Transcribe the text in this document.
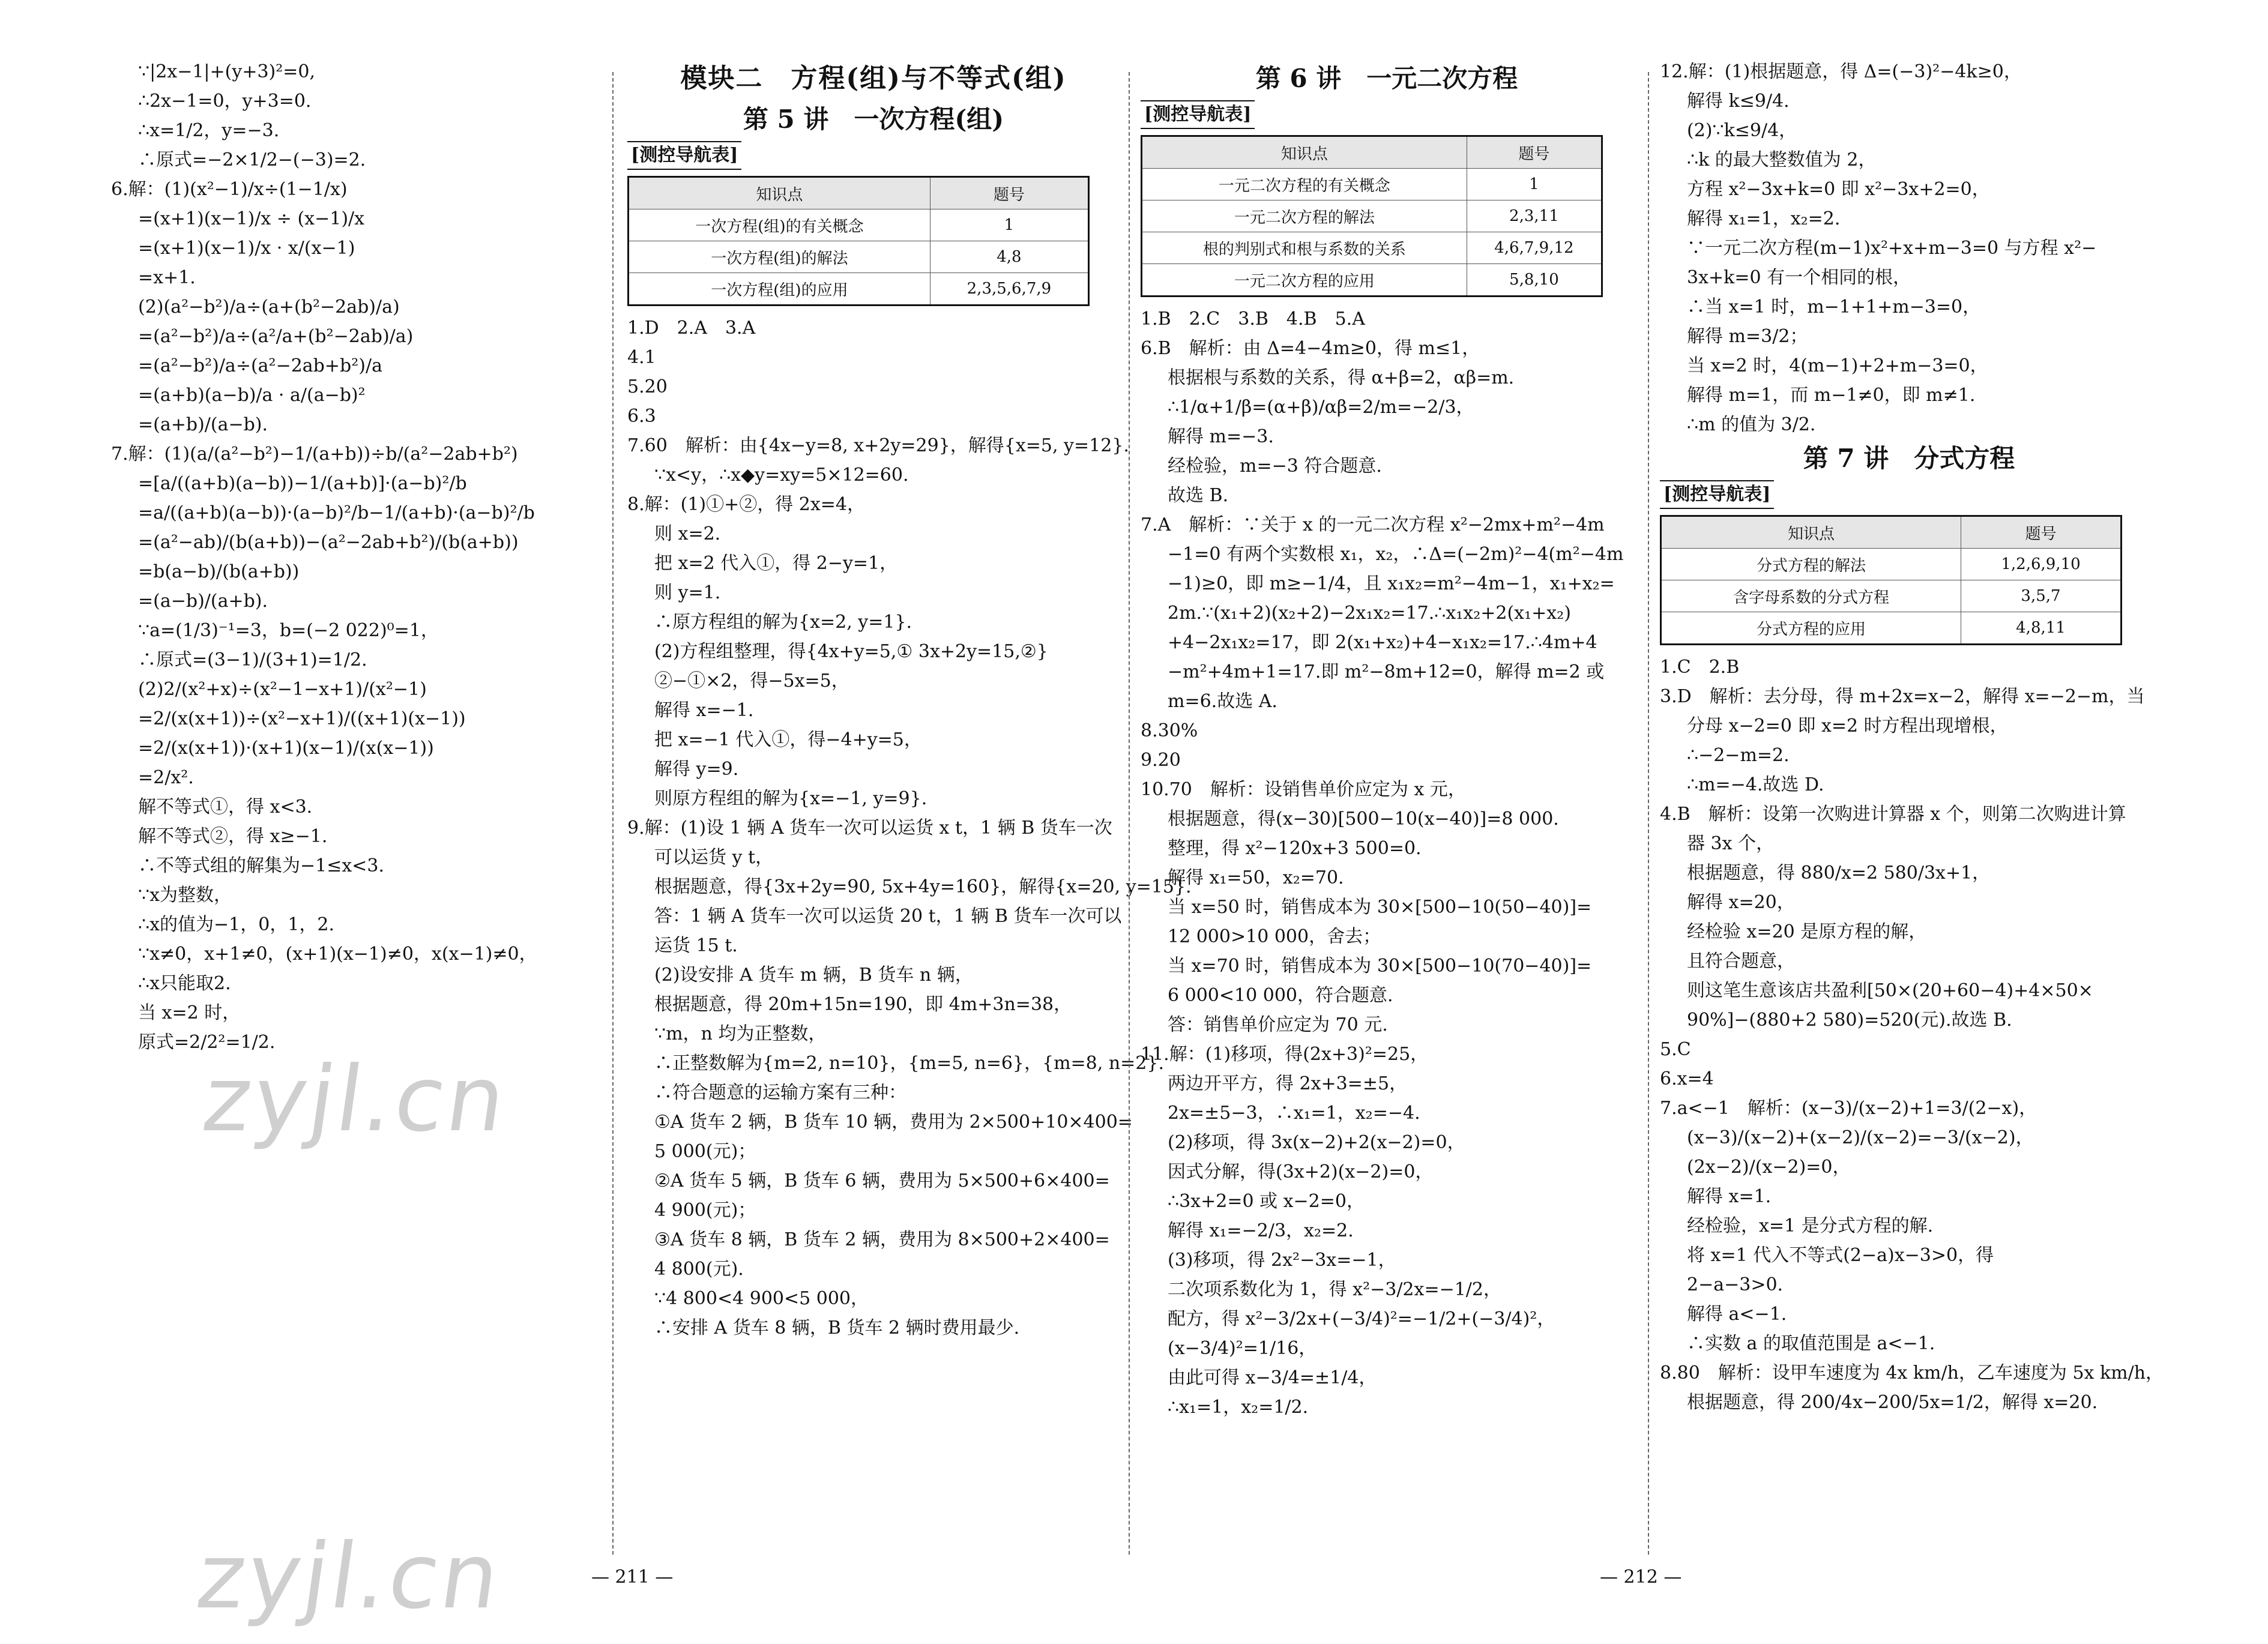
∵|2x−1|+(y+3)²=0,
∴2x−1=0，y+3=0.
∴x=1/2，y=−3.
∴原式=−2×1/2−(−3)=2.
6.解：(1)(x²−1)/x÷(1−1/x)
=(x+1)(x−1)/x ÷ (x−1)/x
=(x+1)(x−1)/x · x/(x−1)
=x+1.
(2)(a²−b²)/a÷(a+(b²−2ab)/a)
=(a²−b²)/a÷(a²/a+(b²−2ab)/a)
=(a²−b²)/a÷(a²−2ab+b²)/a
=(a+b)(a−b)/a · a/(a−b)²
=(a+b)/(a−b).
7.解：(1)(a/(a²−b²)−1/(a+b))÷b/(a²−2ab+b²)
=[a/((a+b)(a−b))−1/(a+b)]·(a−b)²/b
=a/((a+b)(a−b))·(a−b)²/b−1/(a+b)·(a−b)²/b
=(a²−ab)/(b(a+b))−(a²−2ab+b²)/(b(a+b))
=b(a−b)/(b(a+b))
=(a−b)/(a+b).
∵a=(1/3)⁻¹=3，b=(−2 022)⁰=1，
∴原式=(3−1)/(3+1)=1/2.
(2)2/(x²+x)÷(x²−1−x+1)/(x²−1)
=2/(x(x+1))÷(x²−x+1)/((x+1)(x−1))
=2/(x(x+1))·(x+1)(x−1)/(x(x−1))
=2/x².
解不等式①，得 x<3.
解不等式②，得 x≥−1.
∴不等式组的解集为−1≤x<3.
∵x为整数，
∴x的值为−1，0，1，2.
∵x≠0，x+1≠0，(x+1)(x−1)≠0，x(x−1)≠0，
∴x只能取2.
当 x=2 时，
原式=2/2²=1/2.
模块二　方程(组)与不等式(组)
第 5 讲　一次方程(组)
[测控导航表]
知识点	题号
一次方程(组)的有关概念	1
一次方程(组)的解法	4,8
一次方程(组)的应用	2,3,5,6,7,9
1.D　2.A　3.A
4.1
5.20
6.3
7.60　解析：由{4x−y=8, x+2y=29}，解得{x=5, y=12}.
∵x<y，∴x◆y=xy=5×12=60.
8.解：(1)①+②，得 2x=4，
则 x=2.
把 x=2 代入①，得 2−y=1，
则 y=1.
∴原方程组的解为{x=2, y=1}.
(2)方程组整理，得{4x+y=5,① 3x+2y=15,②}
②−①×2，得−5x=5，
解得 x=−1.
把 x=−1 代入①，得−4+y=5，
解得 y=9.
则原方程组的解为{x=−1, y=9}.
9.解：(1)设 1 辆 A 货车一次可以运货 x t，1 辆 B 货车一次
可以运货 y t，
根据题意，得{3x+2y=90, 5x+4y=160}，解得{x=20, y=15}.
答：1 辆 A 货车一次可以运货 20 t，1 辆 B 货车一次可以
运货 15 t.
(2)设安排 A 货车 m 辆，B 货车 n 辆，
根据题意，得 20m+15n=190，即 4m+3n=38，
∵m，n 均为正整数，
∴正整数解为{m=2, n=10}，{m=5, n=6}，{m=8, n=2}.
∴符合题意的运输方案有三种：
①A 货车 2 辆，B 货车 10 辆，费用为 2×500+10×400=
5 000(元)；
②A 货车 5 辆，B 货车 6 辆，费用为 5×500+6×400=
4 900(元)；
③A 货车 8 辆，B 货车 2 辆，费用为 8×500+2×400=
4 800(元).
∵4 800<4 900<5 000，
∴安排 A 货车 8 辆，B 货车 2 辆时费用最少.
第 6 讲　一元二次方程
[测控导航表]
知识点	题号
一元二次方程的有关概念	1
一元二次方程的解法	2,3,11
根的判别式和根与系数的关系	4,6,7,9,12
一元二次方程的应用	5,8,10
1.B　2.C　3.B　4.B　5.A
6.B　解析：由 Δ=4−4m≥0，得 m≤1，
根据根与系数的关系，得 α+β=2，αβ=m.
∴1/α+1/β=(α+β)/αβ=2/m=−2/3，
解得 m=−3.
经检验，m=−3 符合题意.
故选 B.
7.A　解析：∵关于 x 的一元二次方程 x²−2mx+m²−4m
−1=0 有两个实数根 x₁，x₂，∴Δ=(−2m)²−4(m²−4m
−1)≥0，即 m≥−1/4，且 x₁x₂=m²−4m−1，x₁+x₂=
2m.∵(x₁+2)(x₂+2)−2x₁x₂=17.∴x₁x₂+2(x₁+x₂)
+4−2x₁x₂=17，即 2(x₁+x₂)+4−x₁x₂=17.∴4m+4
−m²+4m+1=17.即 m²−8m+12=0，解得 m=2 或
m=6.故选 A.
8.30%
9.20
10.70　解析：设销售单价应定为 x 元，
根据题意，得(x−30)[500−10(x−40)]=8 000.
整理，得 x²−120x+3 500=0.
解得 x₁=50，x₂=70.
当 x=50 时，销售成本为 30×[500−10(50−40)]=
12 000>10 000，舍去；
当 x=70 时，销售成本为 30×[500−10(70−40)]=
6 000<10 000，符合题意.
答：销售单价应定为 70 元.
11.解：(1)移项，得(2x+3)²=25，
两边开平方，得 2x+3=±5，
2x=±5−3，∴x₁=1，x₂=−4.
(2)移项，得 3x(x−2)+2(x−2)=0，
因式分解，得(3x+2)(x−2)=0，
∴3x+2=0 或 x−2=0，
解得 x₁=−2/3，x₂=2.
(3)移项，得 2x²−3x=−1，
二次项系数化为 1，得 x²−3/2x=−1/2，
配方，得 x²−3/2x+(−3/4)²=−1/2+(−3/4)²，
(x−3/4)²=1/16，
由此可得 x−3/4=±1/4，
∴x₁=1，x₂=1/2.
12.解：(1)根据题意，得 Δ=(−3)²−4k≥0，
解得 k≤9/4.
(2)∵k≤9/4，
∴k 的最大整数值为 2，
方程 x²−3x+k=0 即 x²−3x+2=0，
解得 x₁=1，x₂=2.
∵一元二次方程(m−1)x²+x+m−3=0 与方程 x²−
3x+k=0 有一个相同的根，
∴当 x=1 时，m−1+1+m−3=0，
解得 m=3/2；
当 x=2 时，4(m−1)+2+m−3=0，
解得 m=1，而 m−1≠0，即 m≠1.
∴m 的值为 3/2.
第 7 讲　分式方程
[测控导航表]
知识点	题号
分式方程的解法	1,2,6,9,10
含字母系数的分式方程	3,5,7
分式方程的应用	4,8,11
1.C　2.B
3.D　解析：去分母，得 m+2x=x−2，解得 x=−2−m，当
分母 x−2=0 即 x=2 时方程出现增根，
∴−2−m=2.
∴m=−4.故选 D.
4.B　解析：设第一次购进计算器 x 个，则第二次购进计算
器 3x 个，
根据题意，得 880/x=2 580/3x+1，
解得 x=20，
经检验 x=20 是原方程的解，
且符合题意，
则这笔生意该店共盈利[50×(20+60−4)+4×50×
90%]−(880+2 580)=520(元).故选 B.
5.C
6.x=4
7.a<−1　解析：(x−3)/(x−2)+1=3/(2−x)，
(x−3)/(x−2)+(x−2)/(x−2)=−3/(x−2)，
(2x−2)/(x−2)=0，
解得 x=1.
经检验，x=1 是分式方程的解.
将 x=1 代入不等式(2−a)x−3>0，得
2−a−3>0.
解得 a<−1.
∴实数 a 的取值范围是 a<−1.
8.80　解析：设甲车速度为 4x km/h，乙车速度为 5x km/h，
根据题意，得 200/4x−200/5x=1/2，解得 x=20.
— 211 —	— 212 —
zyjl.cn
zyjl.cn
